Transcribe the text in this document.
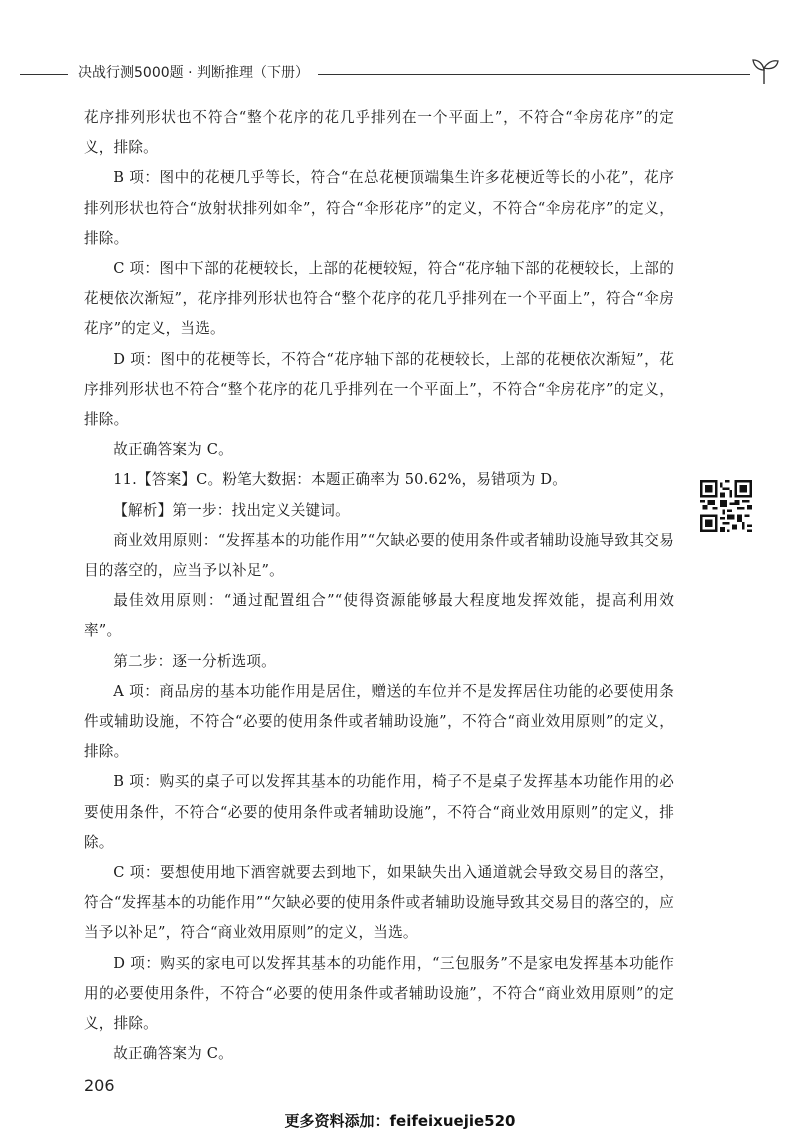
决战行测5000题 · 判断推理（下册）

花序排列形状也不符合“整个花序的花几乎排列在一个平面上”，不符合“伞房花序”的定义，排除。

B 项：图中的花梗几乎等长，符合“在总花梗顶端集生许多花梗近等长的小花”，花序排列形状也符合“放射状排列如伞”，符合“伞形花序”的定义，不符合“伞房花序”的定义，排除。

C 项：图中下部的花梗较长，上部的花梗较短，符合“花序轴下部的花梗较长，上部的花梗依次渐短”，花序排列形状也符合“整个花序的花几乎排列在一个平面上”，符合“伞房花序”的定义，当选。

D 项：图中的花梗等长，不符合“花序轴下部的花梗较长，上部的花梗依次渐短”，花序排列形状也不符合“整个花序的花几乎排列在一个平面上”，不符合“伞房花序”的定义，排除。

故正确答案为 C。

11.【答案】C。粉笔大数据：本题正确率为 50.62%，易错项为 D。

【解析】第一步：找出定义关键词。

商业效用原则：“发挥基本的功能作用”“欠缺必要的使用条件或者辅助设施导致其交易目的落空的，应当予以补足”。

最佳效用原则：“通过配置组合”“使得资源能够最大程度地发挥效能，提高利用效率”。

第二步：逐一分析选项。

A 项：商品房的基本功能作用是居住，赠送的车位并不是发挥居住功能的必要使用条件或辅助设施，不符合“必要的使用条件或者辅助设施”，不符合“商业效用原则”的定义，排除。

B 项：购买的桌子可以发挥其基本的功能作用，椅子不是桌子发挥基本功能作用的必要使用条件，不符合“必要的使用条件或者辅助设施”，不符合“商业效用原则”的定义，排除。

C 项：要想使用地下酒窖就要去到地下，如果缺失出入通道就会导致交易目的落空，符合“发挥基本的功能作用”“欠缺必要的使用条件或者辅助设施导致其交易目的落空的，应当予以补足”，符合“商业效用原则”的定义，当选。

D 项：购买的家电可以发挥其基本的功能作用，“三包服务”不是家电发挥基本功能作用的必要使用条件，不符合“必要的使用条件或者辅助设施”，不符合“商业效用原则”的定义，排除。

故正确答案为 C。

206
更多资料添加：feifeixuejie520
